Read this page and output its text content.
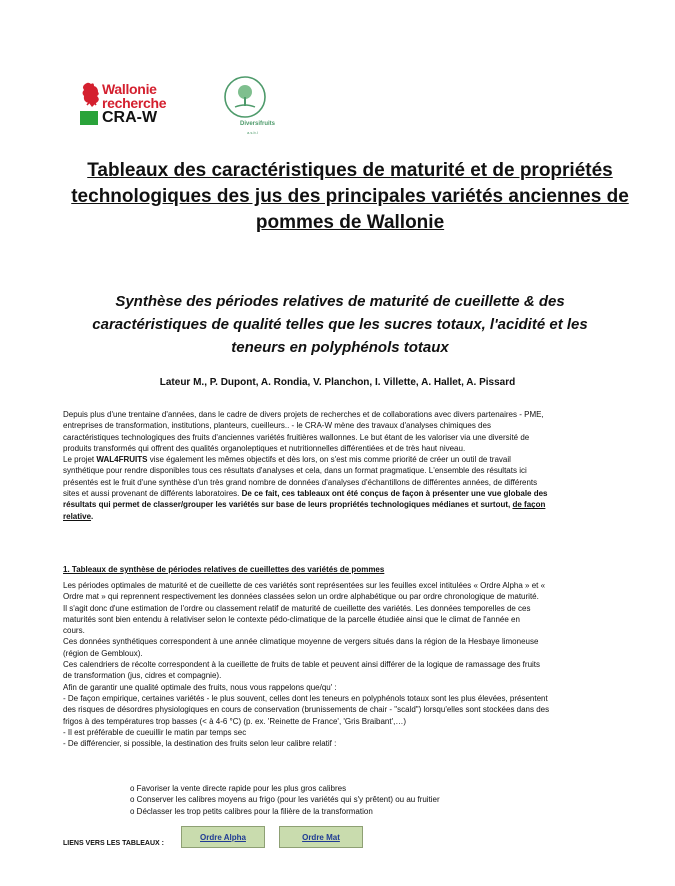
Wallonie
recherche
CRA-W	Diversifruits
a.s.b.l
Tableaux des caractéristiques de maturité et de propriétés
technologiques des jus des principales variétés anciennes de
pommes de Wallonie
Synthèse des périodes relatives de maturité de cueillette & des
caractéristiques de qualité telles que les sucres totaux, l'acidité et les
teneurs en polyphénols totaux
Lateur M., P. Dupont, A. Rondia, V. Planchon, I. Villette, A. Hallet, A. Pissard
Depuis plus d'une trentaine d'années, dans le cadre de divers projets de recherches et de collaborations avec divers partenaires - PME,
entreprises de transformation, institutions, planteurs, cueilleurs.. - le CRA-W mène des travaux d'analyses chimiques des
caractéristiques technologiques des fruits d'anciennes variétés fruitières wallonnes. Le but étant de les valoriser via une diversité de
produits transformés qui offrent des qualités organoleptiques et nutritionnelles différentiées et de très haut niveau.
Le projet WAL4FRUITS vise également les mêmes objectifs et dès lors, on s'est mis comme priorité de créer un outil de travail
synthétique pour rendre disponibles tous ces résultats d'analyses et cela, dans un format pragmatique. L'ensemble des résultats ici
présentés est le fruit d'une synthèse d'un très grand nombre de données d'analyses d'échantillons de différentes années, de différents
sites et aussi provenant de différents laboratoires. De ce fait, ces tableaux ont été conçus de façon à présenter une vue globale des
résultats qui permet de classer/grouper les variétés sur base de leurs propriétés technologiques médianes et surtout, de façon
relative.
1. Tableaux de synthèse de périodes relatives de cueillettes des variétés de pommes
Les périodes optimales de maturité et de cueillette de ces variétés sont représentées sur les feuilles excel intitulées « Ordre Alpha » et «
Ordre mat » qui reprennent respectivement les données classées selon un ordre alphabétique ou par ordre chronologique de maturité.
Il s'agit donc d'une estimation de l'ordre ou classement relatif de maturité de cueillette des variétés. Les données temporelles de ces
maturités sont bien entendu à relativiser selon le contexte pédo-climatique de la parcelle étudiée ainsi que le climat de l'année en
cours.
Ces données synthétiques correspondent à une année climatique moyenne de vergers situés dans la région de la Hesbaye limoneuse
(région de Gembloux).
Ces calendriers de récolte correspondent à la cueillette de fruits de table et peuvent ainsi différer de la logique de ramassage des fruits
de transformation (jus, cidres et compagnie).
Afin de garantir une qualité optimale des fruits, nous vous rappelons que/qu' :
- De façon empirique, certaines variétés - le plus souvent, celles dont les teneurs en polyphénols totaux sont les plus élevées, présentent
des risques de désordres physiologiques en cours de conservation (brunissements de chair - "scald") lorsqu'elles sont stockées dans des
frigos à des températures trop basses (< à 4-6 °C) (p. ex. 'Reinette de France', 'Gris Braibant',…)
- Il est préférable de cueuillir le matin par temps sec
- De différencier, si possible, la destination des fruits selon leur calibre relatif :
o Favoriser la vente directe rapide pour les plus gros calibres
o Conserver les calibres moyens au frigo (pour les variétés qui s'y prêtent) ou au fruitier
o Déclasser les trop petits calibres pour la filière de la transformation
LIENS VERS LES TABLEAUX :
Ordre Alpha	Ordre Mat
